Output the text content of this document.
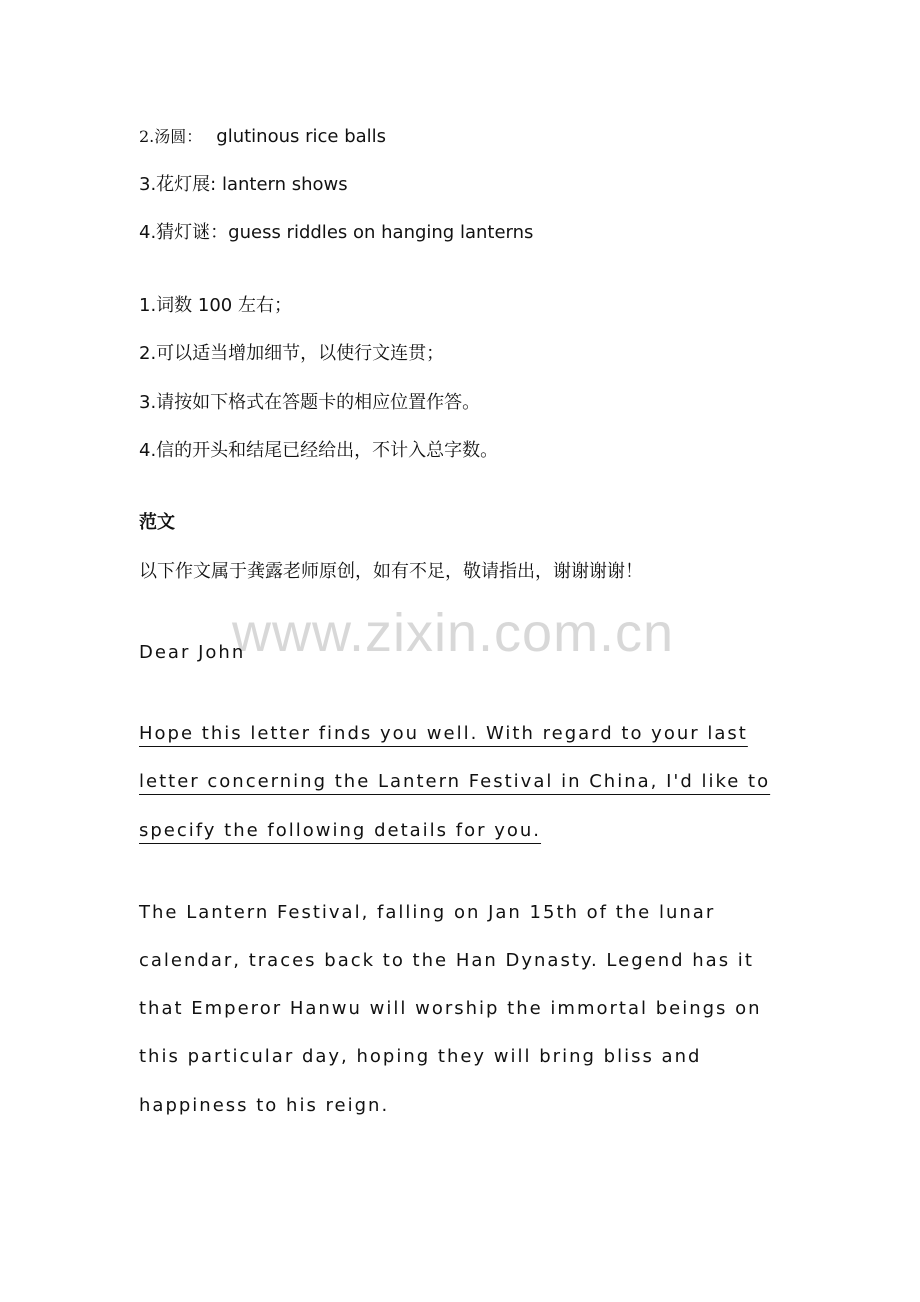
2.汤圆： glutinous rice balls
3.花灯展: lantern shows
4.猜灯谜：guess riddles on hanging lanterns
1.词数 100 左右；
2.可以适当增加细节，以使行文连贯；
3.请按如下格式在答题卡的相应位置作答。
4.信的开头和结尾已经给出，不计入总字数。
范文
以下作文属于龚露老师原创，如有不足，敬请指出，谢谢谢谢！
www.zixin.com.cn
Dear John
Hope this letter finds you well. With regard to your last
letter concerning the Lantern Festival in China, I'd like to
specify the following details for you.
The Lantern Festival, falling on Jan 15th of the lunar
calendar, traces back to the Han Dynasty. Legend has it
that Emperor Hanwu will worship the immortal beings on
this particular day, hoping they will bring bliss and
happiness to his reign.
